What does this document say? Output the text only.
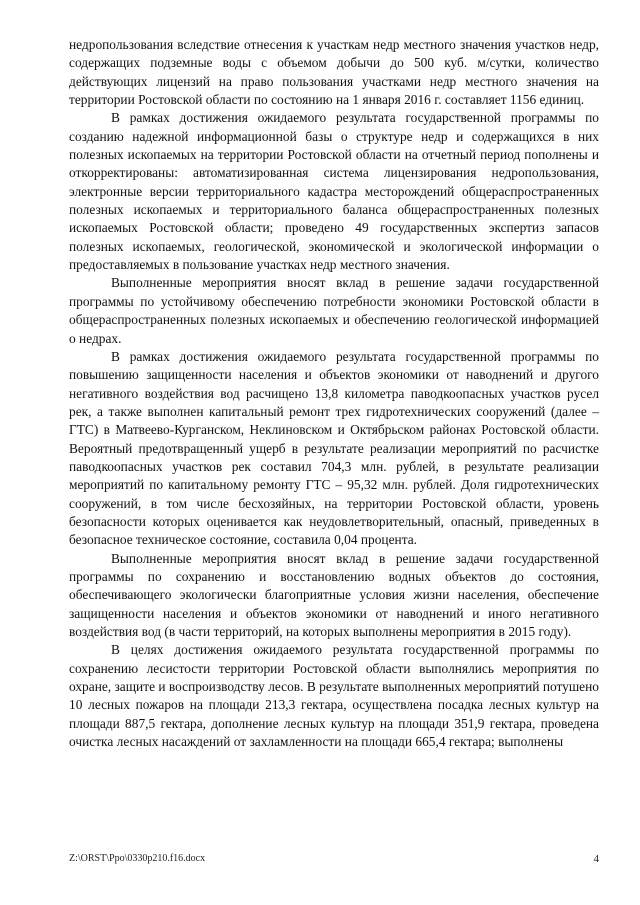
недропользования вследствие отнесения к участкам недр местного значения участков недр, содержащих подземные воды с объемом добычи до 500 куб. м/сутки, количество действующих лицензий на право пользования участками недр местного значения на территории Ростовской области по состоянию на 1 января 2016 г. составляет 1156 единиц.

В рамках достижения ожидаемого результата государственной программы по созданию надежной информационной базы о структуре недр и содержащихся в них полезных ископаемых на территории Ростовской области на отчетный период пополнены и откорректированы: автоматизированная система лицензирования недропользования, электронные версии территориального кадастра месторождений общераспространенных полезных ископаемых и территориального баланса общераспространенных полезных ископаемых Ростовской области; проведено 49 государственных экспертиз запасов полезных ископаемых, геологической, экономической и экологической информации о предоставляемых в пользование участках недр местного значения.

Выполненные мероприятия вносят вклад в решение задачи государственной программы по устойчивому обеспечению потребности экономики Ростовской области в общераспространенных полезных ископаемых и обеспечению геологической информацией о недрах.

В рамках достижения ожидаемого результата государственной программы по повышению защищенности населения и объектов экономики от наводнений и другого негативного воздействия вод расчищено 13,8 километра паводкоопасных участков русел рек, а также выполнен капитальный ремонт трех гидротехнических сооружений (далее – ГТС) в Матвеево-Курганском, Неклиновском и Октябрьском районах Ростовской области. Вероятный предотвращенный ущерб в результате реализации мероприятий по расчистке паводкоопасных участков рек составил 704,3 млн. рублей, в результате реализации мероприятий по капитальному ремонту ГТС – 95,32 млн. рублей. Доля гидротехнических сооружений, в том числе бесхозяйных, на территории Ростовской области, уровень безопасности которых оценивается как неудовлетворительный, опасный, приведенных в безопасное техническое состояние, составила 0,04 процента.

Выполненные мероприятия вносят вклад в решение задачи государственной программы по сохранению и восстановлению водных объектов до состояния, обеспечивающего экологически благоприятные условия жизни населения, обеспечение защищенности населения и объектов экономики от наводнений и иного негативного воздействия вод (в части территорий, на которых выполнены мероприятия в 2015 году).

В целях достижения ожидаемого результата государственной программы по сохранению лесистости территории Ростовской области выполнялись мероприятия по охране, защите и воспроизводству лесов. В результате выполненных мероприятий потушено 10 лесных пожаров на площади 213,3 гектара, осуществлена посадка лесных культур на площади 887,5 гектара, дополнение лесных культур на площади 351,9 гектара, проведена очистка лесных насаждений от захламленности на площади 665,4 гектара; выполнены

Z:\ORST\Ppo\0330p210.f16.docx	4
